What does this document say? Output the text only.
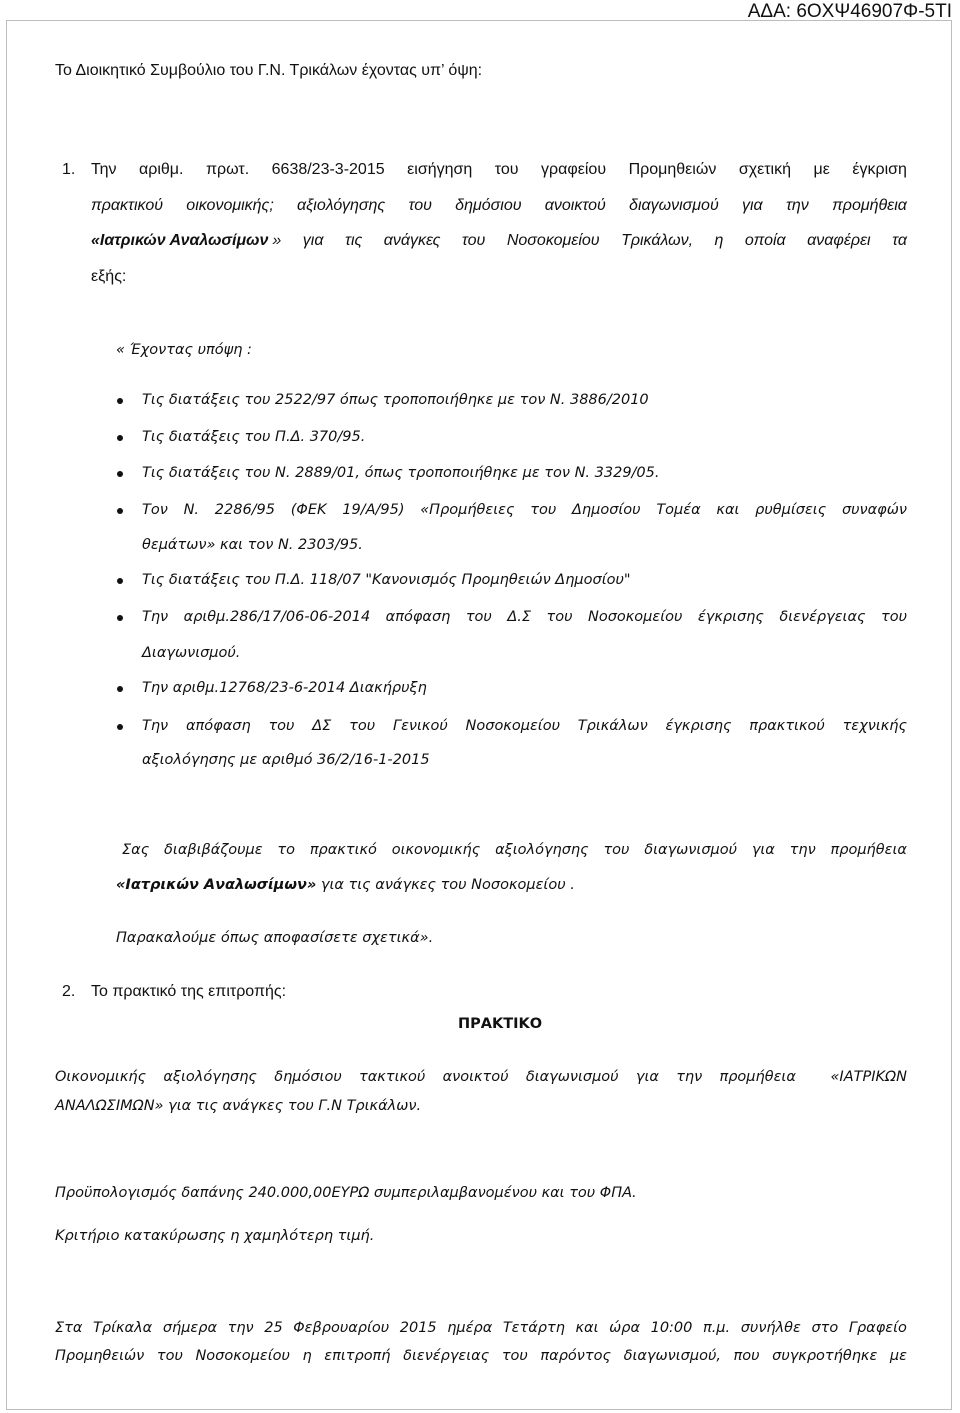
ΑΔΑ: 6ΟΧΨ46907Φ-5ΤΙ
Το Διοικητικό Συμβούλιο του Γ.Ν. Τρικάλων έχοντας υπ’ όψη:
1. Την αριθμ. πρωτ. 6638/23-3-2015 εισήγηση του γραφείου Προμηθειών σχετική με έγκριση
πρακτικού οικονομικής; αξιολόγησης του δημόσιου ανοικτού διαγωνισμού για την προμήθεια
«Ιατρικών Αναλωσίμων » για τις ανάγκες του Νοσοκομείου Τρικάλων, η οποία αναφέρει τα
εξής:
« Έχοντας υπόψη :
Τις διατάξεις του 2522/97 όπως τροποποιήθηκε με τον Ν. 3886/2010
Τις διατάξεις του Π.Δ. 370/95.
Τις διατάξεις του Ν. 2889/01, όπως τροποποιήθηκε με τον Ν. 3329/05.
Τον Ν. 2286/95 (ΦΕΚ 19/Α/95) «Προμήθειες του Δημοσίου Τομέα και ρυθμίσεις συναφών
θεμάτων» και τον Ν. 2303/95.
Τις διατάξεις του Π.Δ. 118/07 "Κανονισμός Προμηθειών Δημοσίου"
Την αριθμ.286/17/06-06-2014 απόφαση του Δ.Σ του Νοσοκομείου έγκρισης διενέργειας του
Διαγωνισμού.
Την αριθμ.12768/23-6-2014 Διακήρυξη
Την απόφαση του ΔΣ του Γενικού Νοσοκομείου Τρικάλων έγκρισης πρακτικού τεχνικής
αξιολόγησης με αριθμό 36/2/16-1-2015
Σας διαβιβάζουμε το πρακτικό οικονομικής αξιολόγησης του διαγωνισμού για την προμήθεια
«Ιατρικών Αναλωσίμων» για τις ανάγκες του Νοσοκομείου .
Παρακαλούμε όπως αποφασίσετε σχετικά».
2. Το πρακτικό της επιτροπής:
ΠΡΑΚΤΙΚΟ
Οικονομικής αξιολόγησης δημόσιου τακτικού ανοικτού διαγωνισμού για την προμήθεια «ΙΑΤΡΙΚΩΝ
ΑΝΑΛΩΣΙΜΩΝ» για τις ανάγκες του Γ.Ν Τρικάλων.
Προϋπολογισμός δαπάνης 240.000,00ΕΥΡΩ συμπεριλαμβανομένου και του ΦΠΑ.
Κριτήριο κατακύρωσης η χαμηλότερη τιμή.
Στα Τρίκαλα σήμερα την 25 Φεβρουαρίου 2015 ημέρα Τετάρτη και ώρα 10:00 π.μ. συνήλθε στο Γραφείο
Προμηθειών του Νοσοκομείου η επιτροπή διενέργειας του παρόντος διαγωνισμού, που συγκροτήθηκε με
